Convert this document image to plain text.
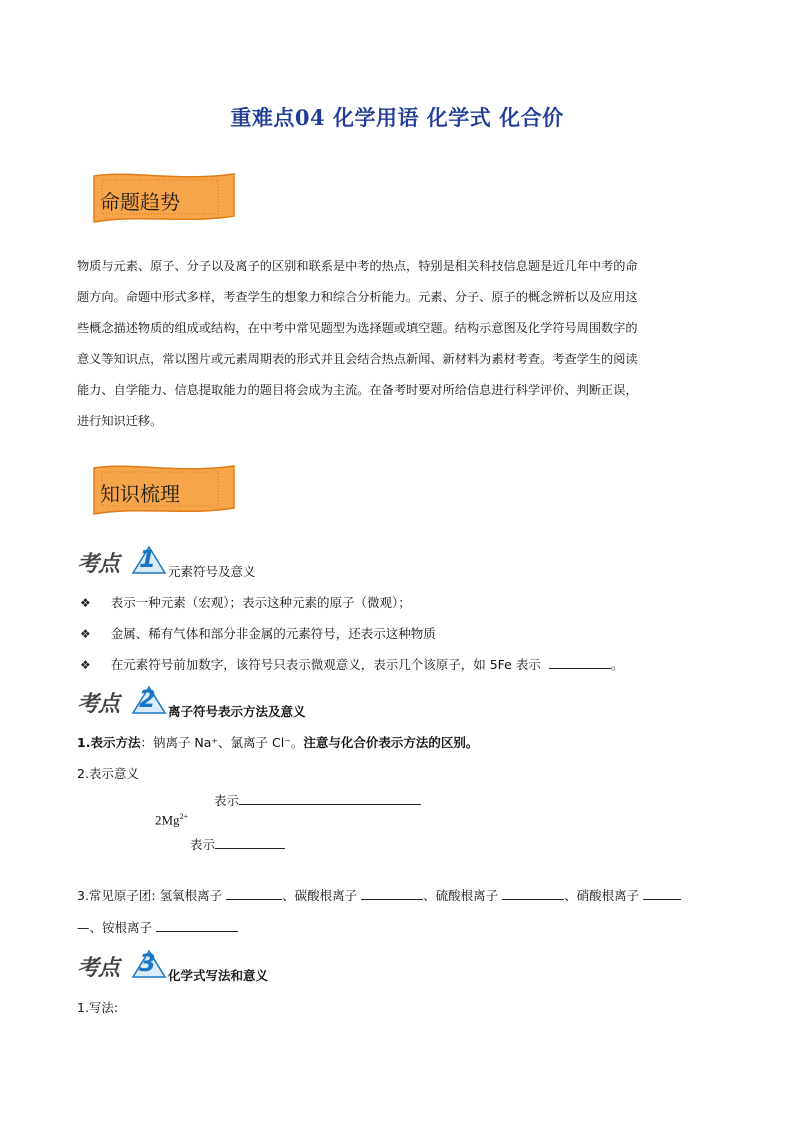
重难点04 化学用语 化学式 化合价
命题趋势
物质与元素、原子、分子以及离子的区别和联系是中考的热点，特别是相关科技信息题是近几年中考的命
题方向。命题中形式多样，考查学生的想象力和综合分析能力。元素、分子、原子的概念辨析以及应用这
些概念描述物质的组成或结构，在中考中常见题型为选择题或填空题。结构示意图及化学符号周围数字的
意义等知识点，常以图片或元素周期表的形式并且会结合热点新闻、新材料为素材考查。考查学生的阅读
能力、自学能力、信息提取能力的题目将会成为主流。在备考时要对所给信息进行科学评价、判断正误，
进行知识迁移。
知识梳理
考点 1 元素符号及意义
❖ 表示一种元素（宏观）；表示这种元素的原子（微观）；
❖ 金属、稀有气体和部分非金属的元素符号，还表示这种物质
❖ 在元素符号前加数字，该符号只表示微观意义，表示几个该原子，如 5Fe 表示	。
考点 2 离子符号表示方法及意义
1.表示方法：钠离子 Na⁺、氯离子 Cl⁻。注意与化合价表示方法的区别。
2.表示意义
表示
$2Mg^{2+}$
表示
3.常见原子团: 氢氧根离子	、碳酸根离子	、硫酸根离子	、硝酸根离子
—、铵根离子
考点 3 化学式写法和意义
1.写法:
